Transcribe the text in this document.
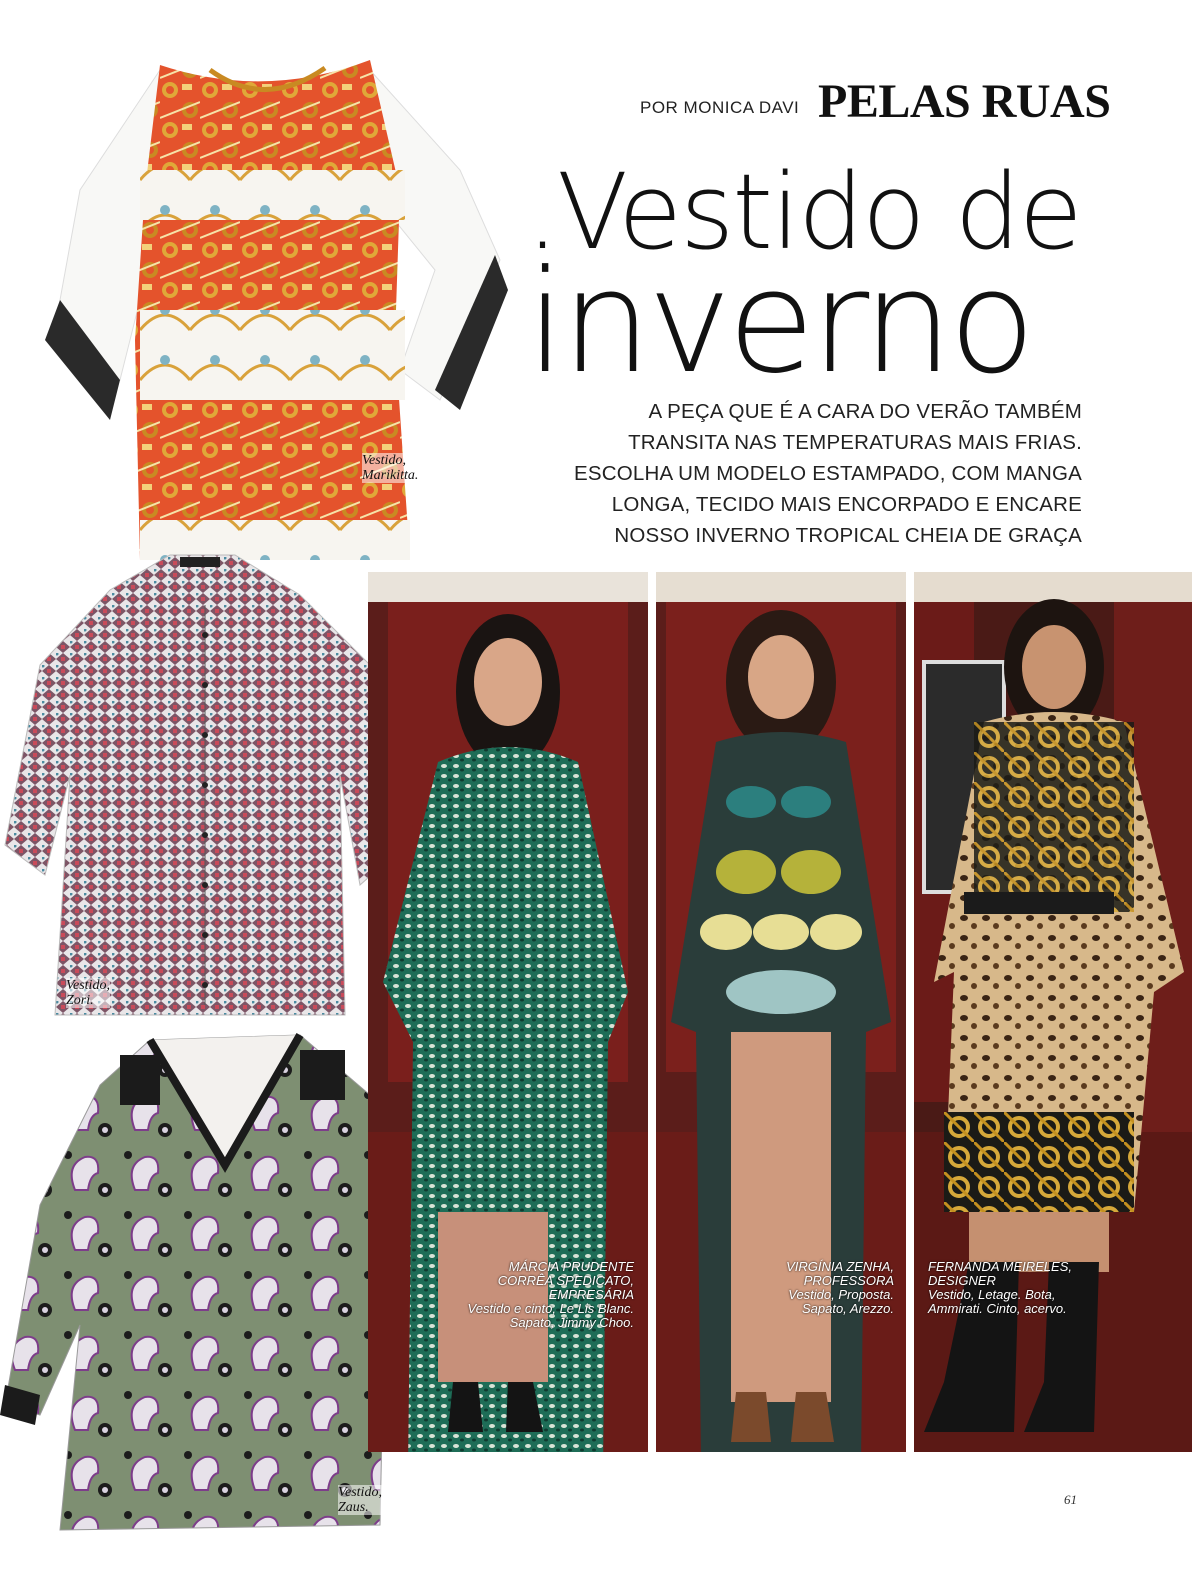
POR MONICA DAVI PELAS RUAS
.Vestido de
inverno
A PEÇA QUE É A CARA DO VERÃO TAMBÉM
TRANSITA NAS TEMPERATURAS MAIS FRIAS.
ESCOLHA UM MODELO ESTAMPADO, COM MANGA
LONGA, TECIDO MAIS ENCORPADO E ENCARE
NOSSO INVERNO TROPICAL CHEIA DE GRAÇA
Vestido,
Marikitta.
Vestido,
Zori.
Vestido,
Zaus.
MÁRCIA PRUDENTE
CORRÊA SPEDICATO,
EMPRESÁRIA
Vestido e cinto, Le Lis Blanc.
Sapato, Jimmy Choo.
VIRGÍNIA ZENHA,
PROFESSORA
Vestido, Proposta.
Sapato, Arezzo.
FERNANDA MEIRELES,
DESIGNER
Vestido, Letage. Bota,
Ammirati. Cinto, acervo.
61
